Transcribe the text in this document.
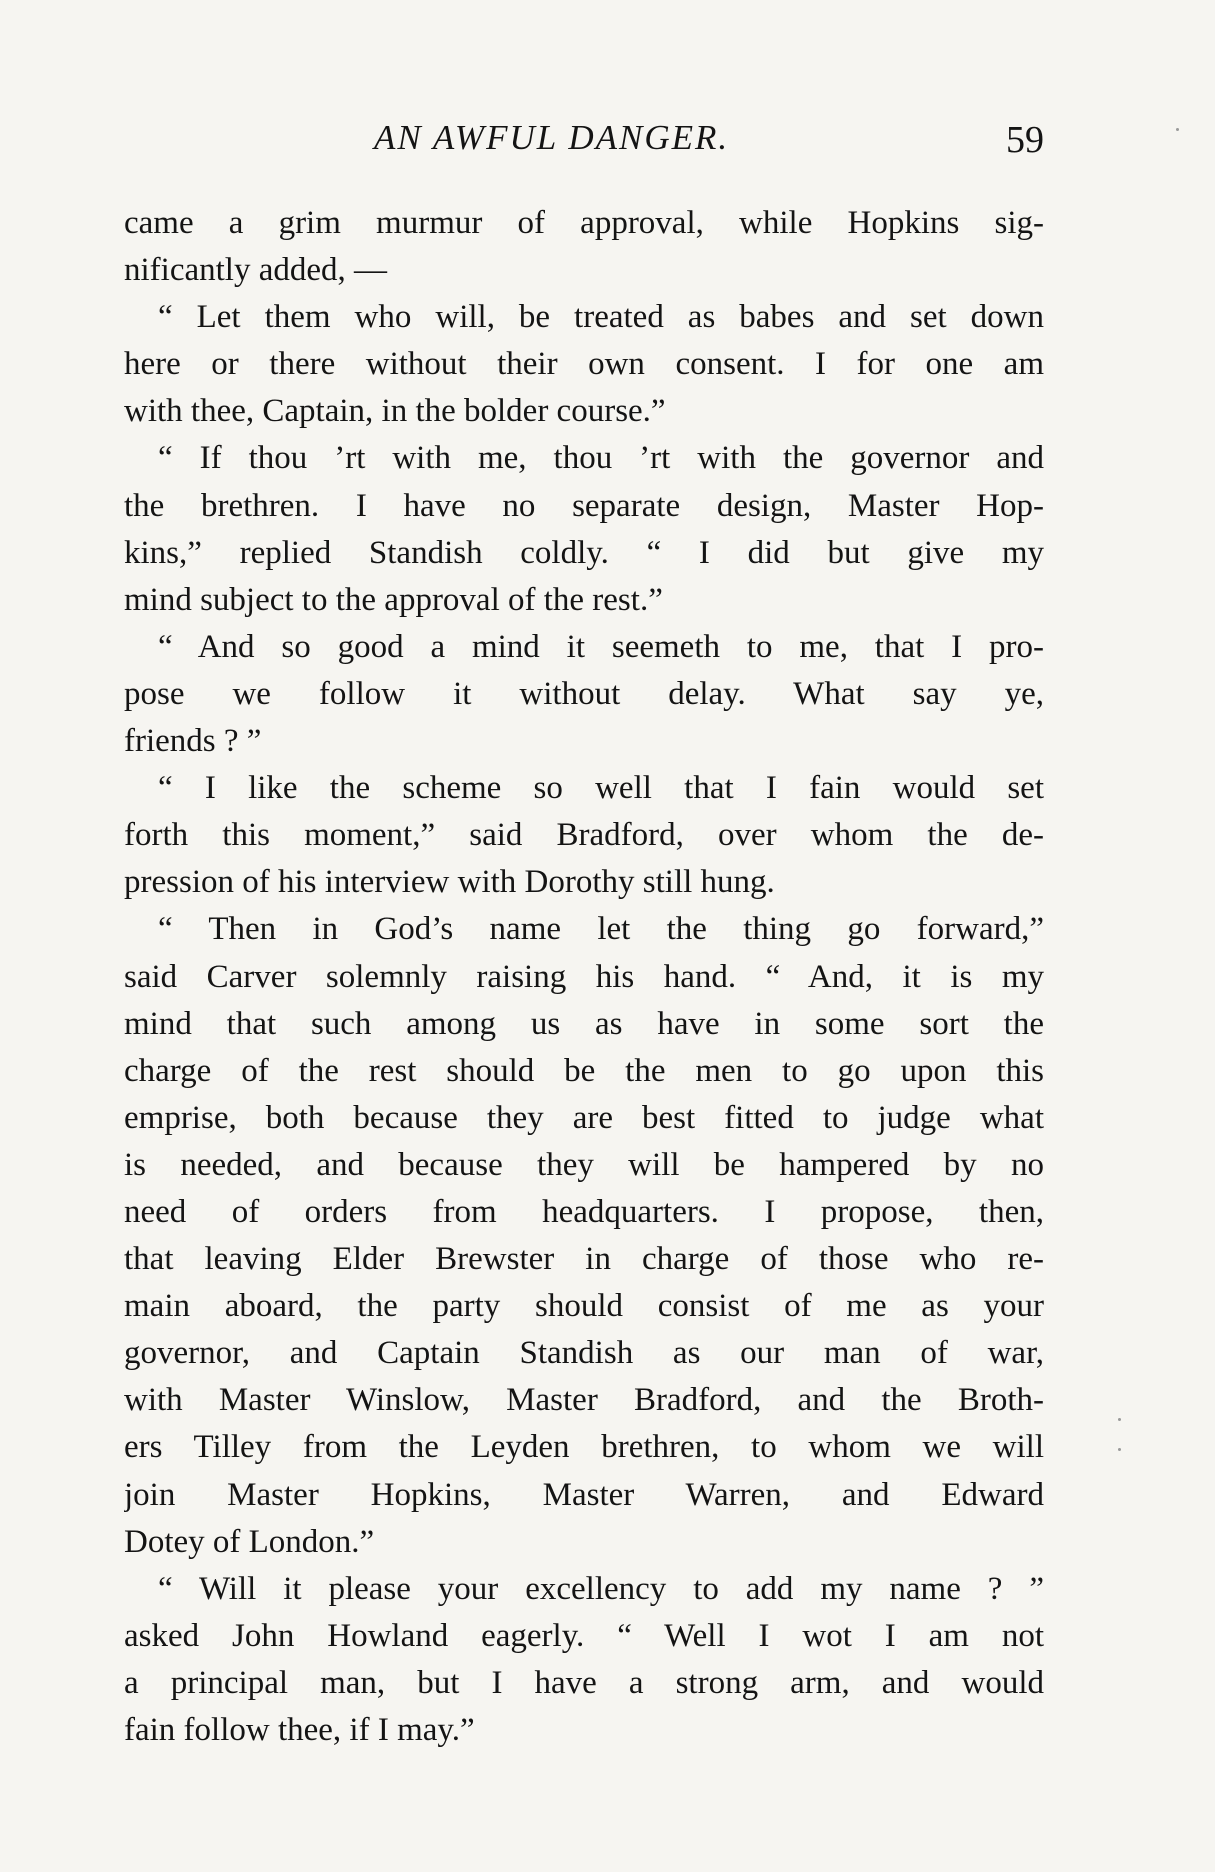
AN AWFUL DANGER.	59
came a grim murmur of approval, while Hopkins sig-
nificantly added, —
“ Let them who will, be treated as babes and set down
here or there without their own consent. I for one am
with thee, Captain, in the bolder course.”
“ If thou ’rt with me, thou ’rt with the governor and
the brethren. I have no separate design, Master Hop-
kins,” replied Standish coldly. “ I did but give my
mind subject to the approval of the rest.”
“ And so good a mind it seemeth to me, that I pro-
pose we follow it without delay. What say ye,
friends ? ”
“ I like the scheme so well that I fain would set
forth this moment,” said Bradford, over whom the de-
pression of his interview with Dorothy still hung.
“ Then in God’s name let the thing go forward,”
said Carver solemnly raising his hand. “ And, it is my
mind that such among us as have in some sort the
charge of the rest should be the men to go upon this
emprise, both because they are best fitted to judge what
is needed, and because they will be hampered by no
need of orders from headquarters. I propose, then,
that leaving Elder Brewster in charge of those who re-
main aboard, the party should consist of me as your
governor, and Captain Standish as our man of war,
with Master Winslow, Master Bradford, and the Broth-
ers Tilley from the Leyden brethren, to whom we will
join Master Hopkins, Master Warren, and Edward
Dotey of London.”
“ Will it please your excellency to add my name ? ”
asked John Howland eagerly. “ Well I wot I am not
a principal man, but I have a strong arm, and would
fain follow thee, if I may.”
